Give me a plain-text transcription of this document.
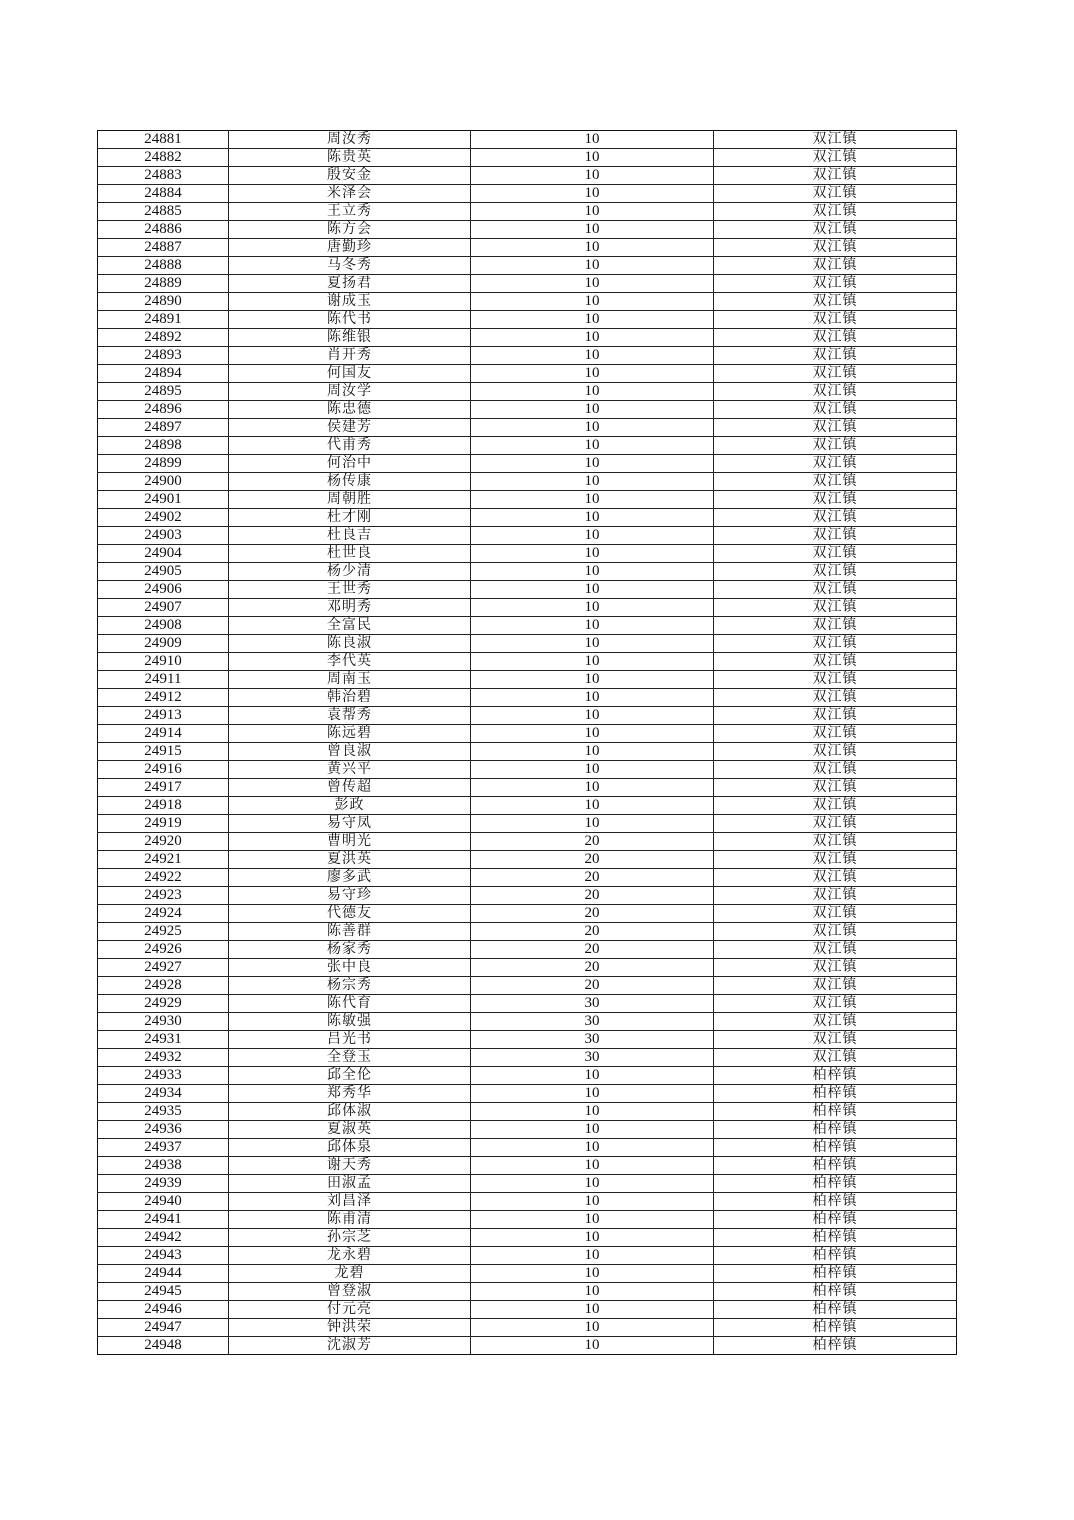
24881	周汝秀	10	双江镇
24882	陈贵英	10	双江镇
24883	殷安金	10	双江镇
24884	米泽会	10	双江镇
24885	王立秀	10	双江镇
24886	陈方会	10	双江镇
24887	唐勤珍	10	双江镇
24888	马冬秀	10	双江镇
24889	夏扬君	10	双江镇
24890	谢成玉	10	双江镇
24891	陈代书	10	双江镇
24892	陈维银	10	双江镇
24893	肖开秀	10	双江镇
24894	何国友	10	双江镇
24895	周汝学	10	双江镇
24896	陈忠德	10	双江镇
24897	侯建芳	10	双江镇
24898	代甫秀	10	双江镇
24899	何治中	10	双江镇
24900	杨传康	10	双江镇
24901	周朝胜	10	双江镇
24902	杜才刚	10	双江镇
24903	杜良吉	10	双江镇
24904	杜世良	10	双江镇
24905	杨少清	10	双江镇
24906	王世秀	10	双江镇
24907	邓明秀	10	双江镇
24908	全富民	10	双江镇
24909	陈良淑	10	双江镇
24910	李代英	10	双江镇
24911	周南玉	10	双江镇
24912	韩治碧	10	双江镇
24913	袁帮秀	10	双江镇
24914	陈远碧	10	双江镇
24915	曾良淑	10	双江镇
24916	黄兴平	10	双江镇
24917	曾传超	10	双江镇
24918	彭政	10	双江镇
24919	易守凤	10	双江镇
24920	曹明光	20	双江镇
24921	夏洪英	20	双江镇
24922	廖多武	20	双江镇
24923	易守珍	20	双江镇
24924	代德友	20	双江镇
24925	陈善群	20	双江镇
24926	杨家秀	20	双江镇
24927	张中良	20	双江镇
24928	杨宗秀	20	双江镇
24929	陈代育	30	双江镇
24930	陈敏强	30	双江镇
24931	吕光书	30	双江镇
24932	全登玉	30	双江镇
24933	邱全伦	10	柏梓镇
24934	郑秀华	10	柏梓镇
24935	邱体淑	10	柏梓镇
24936	夏淑英	10	柏梓镇
24937	邱体泉	10	柏梓镇
24938	谢天秀	10	柏梓镇
24939	田淑孟	10	柏梓镇
24940	刘昌泽	10	柏梓镇
24941	陈甫清	10	柏梓镇
24942	孙宗芝	10	柏梓镇
24943	龙永碧	10	柏梓镇
24944	龙碧	10	柏梓镇
24945	曾登淑	10	柏梓镇
24946	付元亮	10	柏梓镇
24947	钟洪荣	10	柏梓镇
24948	沈淑芳	10	柏梓镇
